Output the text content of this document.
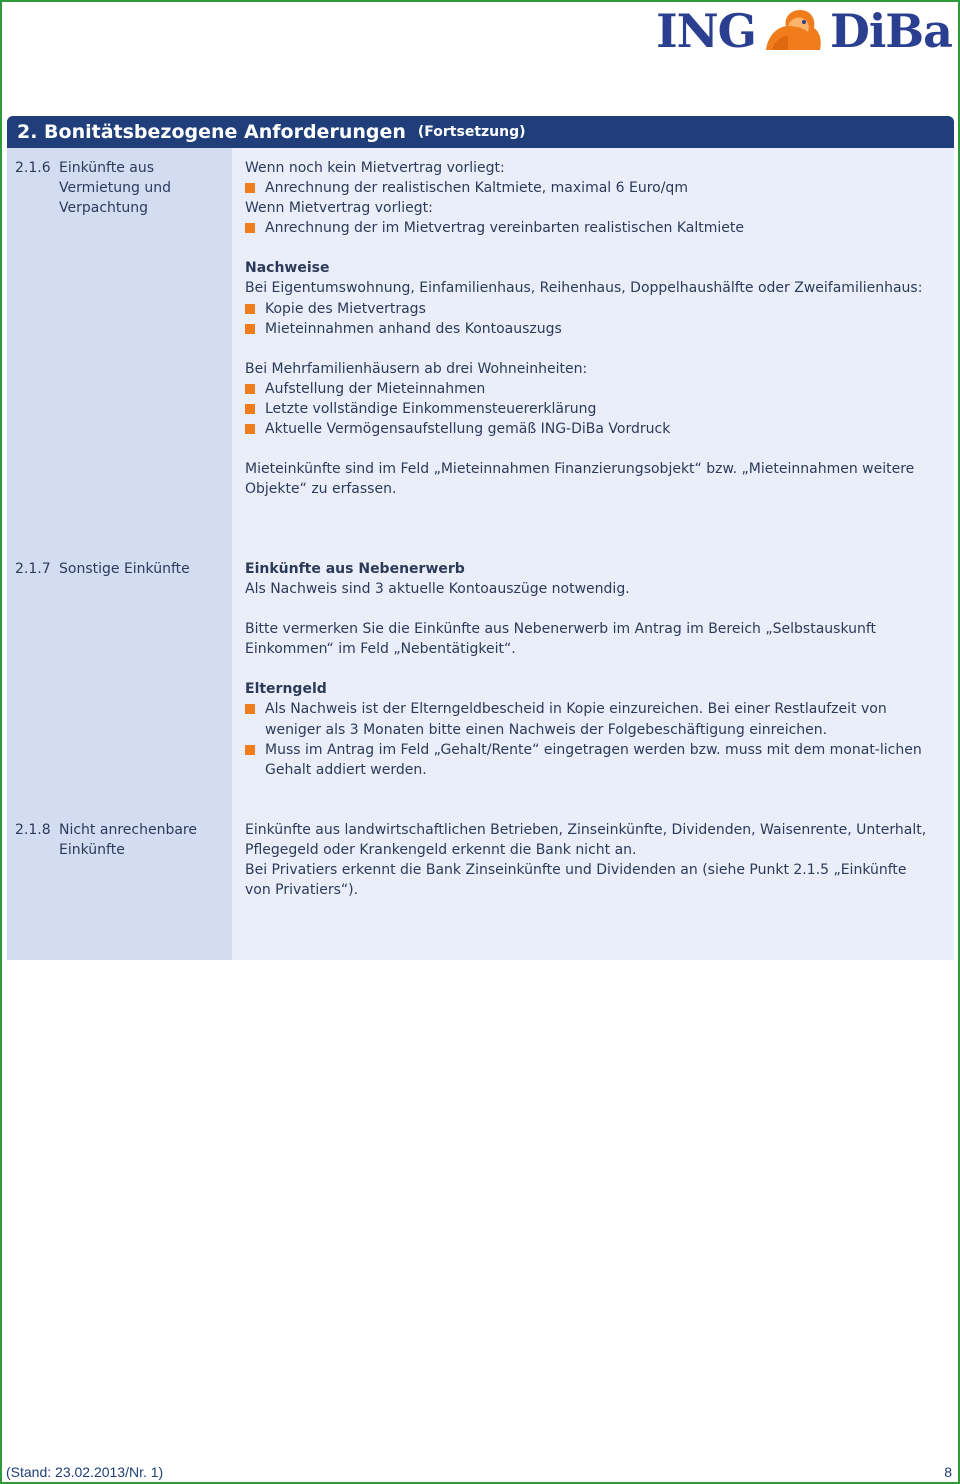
ING DiBa
2. Bonitätsbezogene Anforderungen (Fortsetzung)
2.1.6 Einkünfte aus Vermietung und Verpachtung

Wenn noch kein Mietvertrag vorliegt:

Anrechnung der realistischen Kaltmiete, maximal 6 Euro/qm

Wenn Mietvertrag vorliegt:

Anrechnung der im Mietvertrag vereinbarten realistischen Kaltmiete

Nachweise

Bei Eigentumswohnung, Einfamilienhaus, Reihenhaus, Doppelhaushälfte oder Zweifamilienhaus:

Kopie des Mietvertrags

Mieteinnahmen anhand des Kontoauszugs

Bei Mehrfamilienhäusern ab drei Wohneinheiten:

Aufstellung der Mieteinnahmen

Letzte vollständige Einkommensteuererklärung

Aktuelle Vermögensaufstellung gemäß ING-DiBa Vordruck

Mieteinkünfte sind im Feld „Mieteinnahmen Finanzierungsobjekt“ bzw. „Mieteinnahmen weitere Objekte“ zu erfassen.

2.1.7 Sonstige Einkünfte	Einkünfte aus Nebenerwerb

Als Nachweis sind 3 aktuelle Kontoauszüge notwendig.

Bitte vermerken Sie die Einkünfte aus Nebenerwerb im Antrag im Bereich „Selbstauskunft Einkommen“ im Feld „Nebentätigkeit“.

Elterngeld

Als Nachweis ist der Elterngeldbescheid in Kopie einzureichen. Bei einer Restlaufzeit von weniger als 3 Monaten bitte einen Nachweis der Folgebeschäftigung einreichen.

Muss im Antrag im Feld „Gehalt/Rente“ eingetragen werden bzw. muss mit dem monat-lichen Gehalt addiert werden.

2.1.8 Nicht anrechenbare Einkünfte

Einkünfte aus landwirtschaftlichen Betrieben, Zinseinkünfte, Dividenden, Waisenrente, Unterhalt, Pflegegeld oder Krankengeld erkennt die Bank nicht an.

Bei Privatiers erkennt die Bank Zinseinkünfte und Dividenden an (siehe Punkt 2.1.5 „Einkünfte von Privatiers“).

(Stand: 23.02.2013/Nr. 1)	8
